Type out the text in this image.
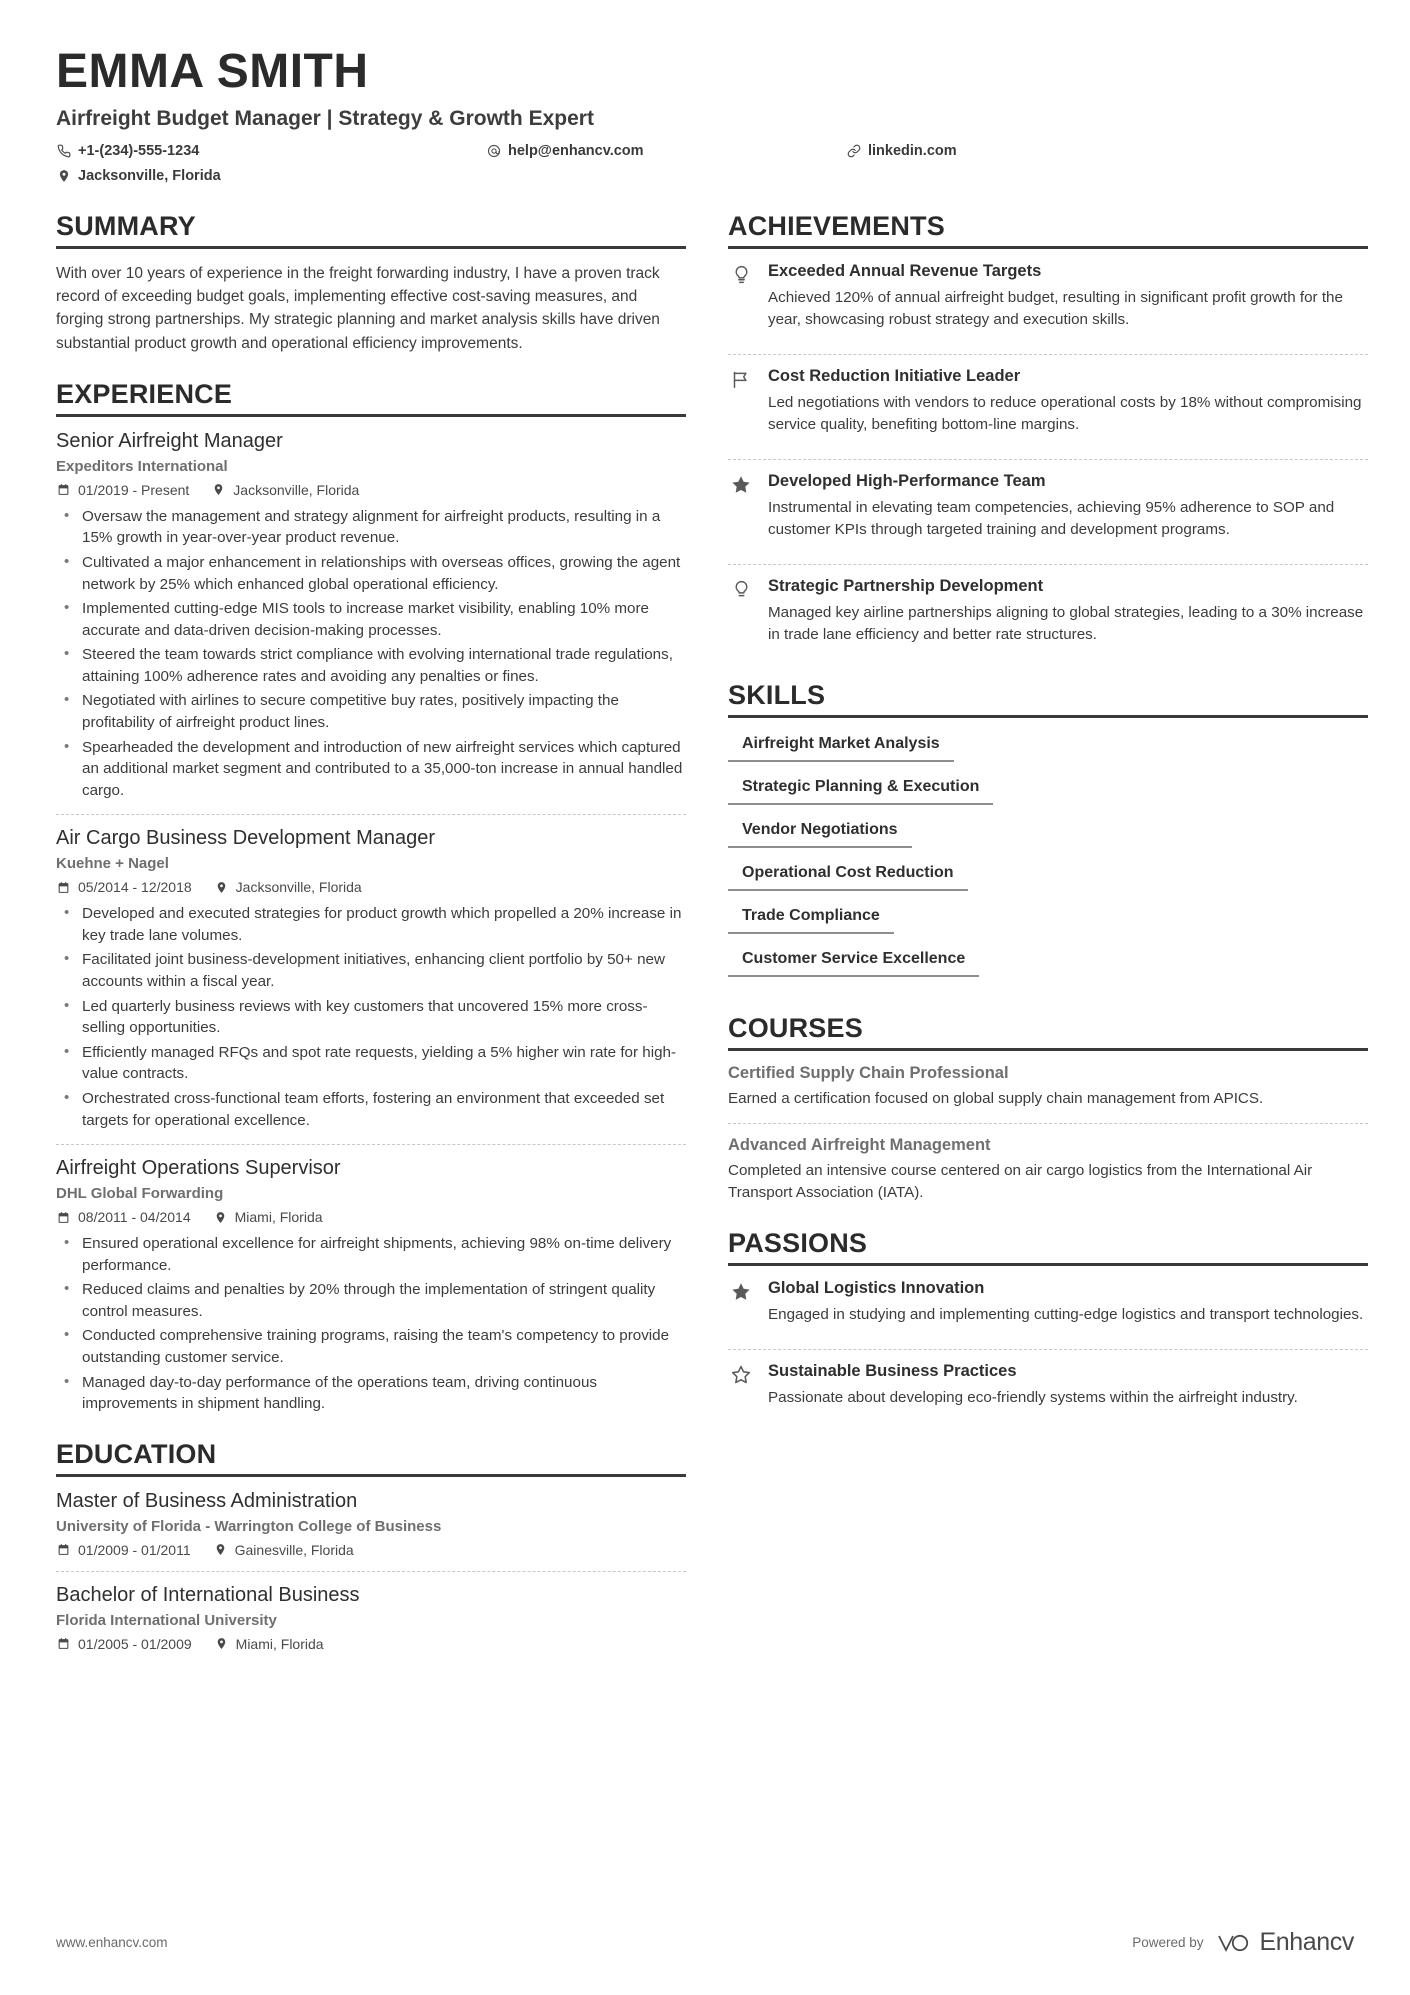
EMMA SMITH
Airfreight Budget Manager | Strategy & Growth Expert
+1-(234)-555-1234
Jacksonville, Florida
help@enhancv.com	linkedin.com
SUMMARY
With over 10 years of experience in the freight forwarding industry, I have a proven track record of exceeding budget goals, implementing effective cost-saving measures, and forging strong partnerships. My strategic planning and market analysis skills have driven substantial product growth and operational efficiency improvements.
EXPERIENCE
Senior Airfreight Manager
Expeditors International
01/2019 - Present	Jacksonville, Florida
• Oversaw the management and strategy alignment for airfreight products, resulting in a 15% growth in year-over-year product revenue.
• Cultivated a major enhancement in relationships with overseas offices, growing the agent network by 25% which enhanced global operational efficiency.
• Implemented cutting-edge MIS tools to increase market visibility, enabling 10% more accurate and data-driven decision-making processes.
• Steered the team towards strict compliance with evolving international trade regulations, attaining 100% adherence rates and avoiding any penalties or fines.
• Negotiated with airlines to secure competitive buy rates, positively impacting the profitability of airfreight product lines.
• Spearheaded the development and introduction of new airfreight services which captured an additional market segment and contributed to a 35,000-ton increase in annual handled cargo.
Air Cargo Business Development Manager
Kuehne + Nagel
05/2014 - 12/2018	Jacksonville, Florida
• Developed and executed strategies for product growth which propelled a 20% increase in key trade lane volumes.
• Facilitated joint business-development initiatives, enhancing client portfolio by 50+ new accounts within a fiscal year.
• Led quarterly business reviews with key customers that uncovered 15% more cross-selling opportunities.
• Efficiently managed RFQs and spot rate requests, yielding a 5% higher win rate for high-value contracts.
• Orchestrated cross-functional team efforts, fostering an environment that exceeded set targets for operational excellence.
Airfreight Operations Supervisor
DHL Global Forwarding
08/2011 - 04/2014	Miami, Florida
• Ensured operational excellence for airfreight shipments, achieving 98% on-time delivery performance.
• Reduced claims and penalties by 20% through the implementation of stringent quality control measures.
• Conducted comprehensive training programs, raising the team's competency to provide outstanding customer service.
• Managed day-to-day performance of the operations team, driving continuous improvements in shipment handling.
EDUCATION
Master of Business Administration
University of Florida - Warrington College of Business
01/2009 - 01/2011	Gainesville, Florida
Bachelor of International Business
Florida International University
01/2005 - 01/2009	Miami, Florida
ACHIEVEMENTS
Exceeded Annual Revenue Targets
Achieved 120% of annual airfreight budget, resulting in significant profit growth for the year, showcasing robust strategy and execution skills.
Cost Reduction Initiative Leader
Led negotiations with vendors to reduce operational costs by 18% without compromising service quality, benefiting bottom-line margins.
Developed High-Performance Team
Instrumental in elevating team competencies, achieving 95% adherence to SOP and customer KPIs through targeted training and development programs.
Strategic Partnership Development
Managed key airline partnerships aligning to global strategies, leading to a 30% increase in trade lane efficiency and better rate structures.
SKILLS
Airfreight Market Analysis
Strategic Planning & Execution
Vendor Negotiations
Operational Cost Reduction
Trade Compliance
Customer Service Excellence
COURSES
Certified Supply Chain Professional
Earned a certification focused on global supply chain management from APICS.
Advanced Airfreight Management
Completed an intensive course centered on air cargo logistics from the International Air Transport Association (IATA).
PASSIONS
Global Logistics Innovation
Engaged in studying and implementing cutting-edge logistics and transport technologies.
Sustainable Business Practices
Passionate about developing eco-friendly systems within the airfreight industry.
www.enhancv.com	Powered by Enhancv
